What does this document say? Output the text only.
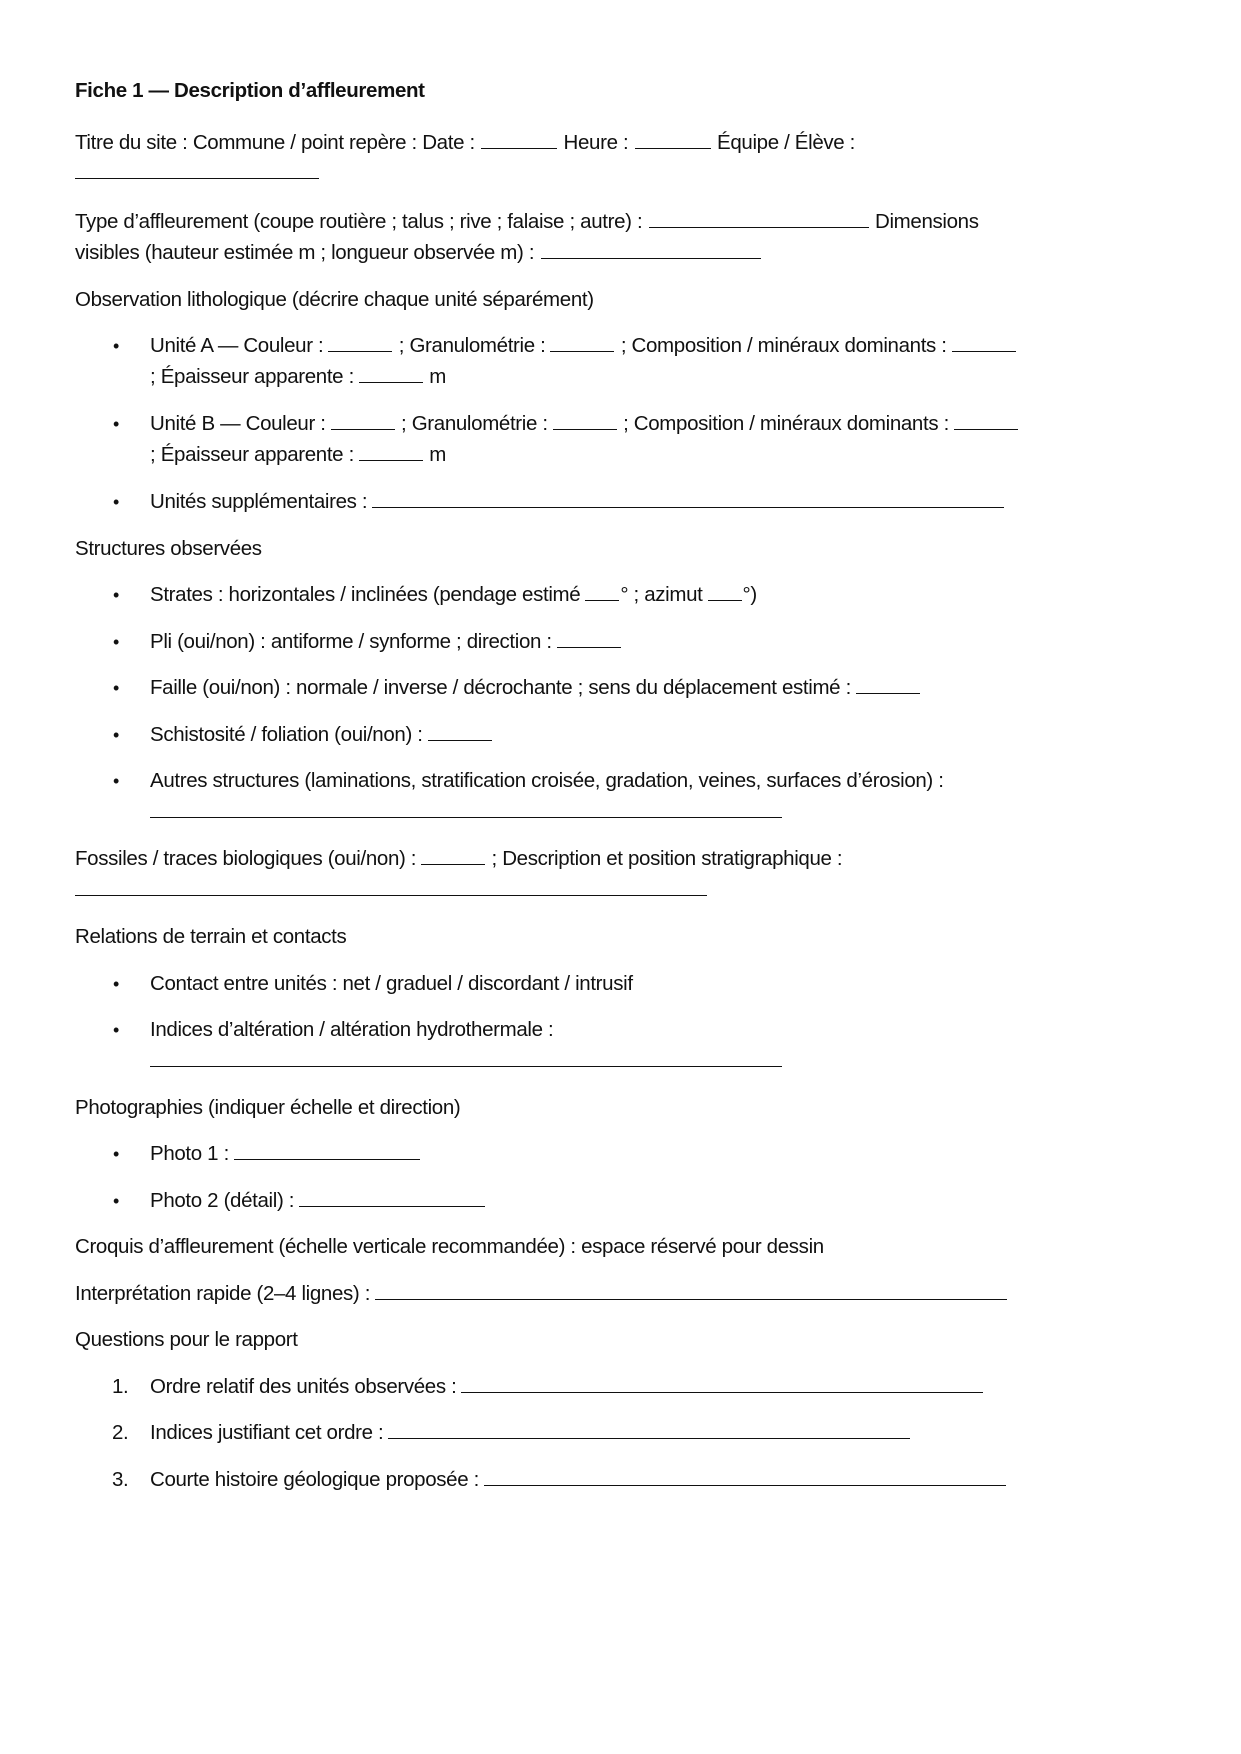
Fiche 1 — Description d’affleurement
Titre du site : Commune / point repère : Date :	Heure :	Équipe / Élève :
Type d’affleurement (coupe routière ; talus ; rive ; falaise ; autre) :	Dimensions
visibles (hauteur estimée m ; longueur observée m) :
Observation lithologique (décrire chaque unité séparément)
• Unité A — Couleur :	; Granulométrie :	; Composition / minéraux dominants :
; Épaisseur apparente :	m
• Unité B — Couleur :	; Granulométrie :	; Composition / minéraux dominants :
; Épaisseur apparente :	m
• Unités supplémentaires :
Structures observées
• Strates : horizontales / inclinées (pendage estimé ° ; azimut °)
• Pli (oui/non) : antiforme / synforme ; direction :
• Faille (oui/non) : normale / inverse / décrochante ; sens du déplacement estimé :
• Schistosité / foliation (oui/non) :
• Autres structures (laminations, stratification croisée, gradation, veines, surfaces d’érosion) :
Fossiles / traces biologiques (oui/non) :	; Description et position stratigraphique :
Relations de terrain et contacts
• Contact entre unités : net / graduel / discordant / intrusif
• Indices d’altération / altération hydrothermale :
Photographies (indiquer échelle et direction)
• Photo 1 :
• Photo 2 (détail) :
Croquis d’affleurement (échelle verticale recommandée) : espace réservé pour dessin
Interprétation rapide (2–4 lignes) :
Questions pour le rapport
1. Ordre relatif des unités observées :
2. Indices justifiant cet ordre :
3. Courte histoire géologique proposée :
